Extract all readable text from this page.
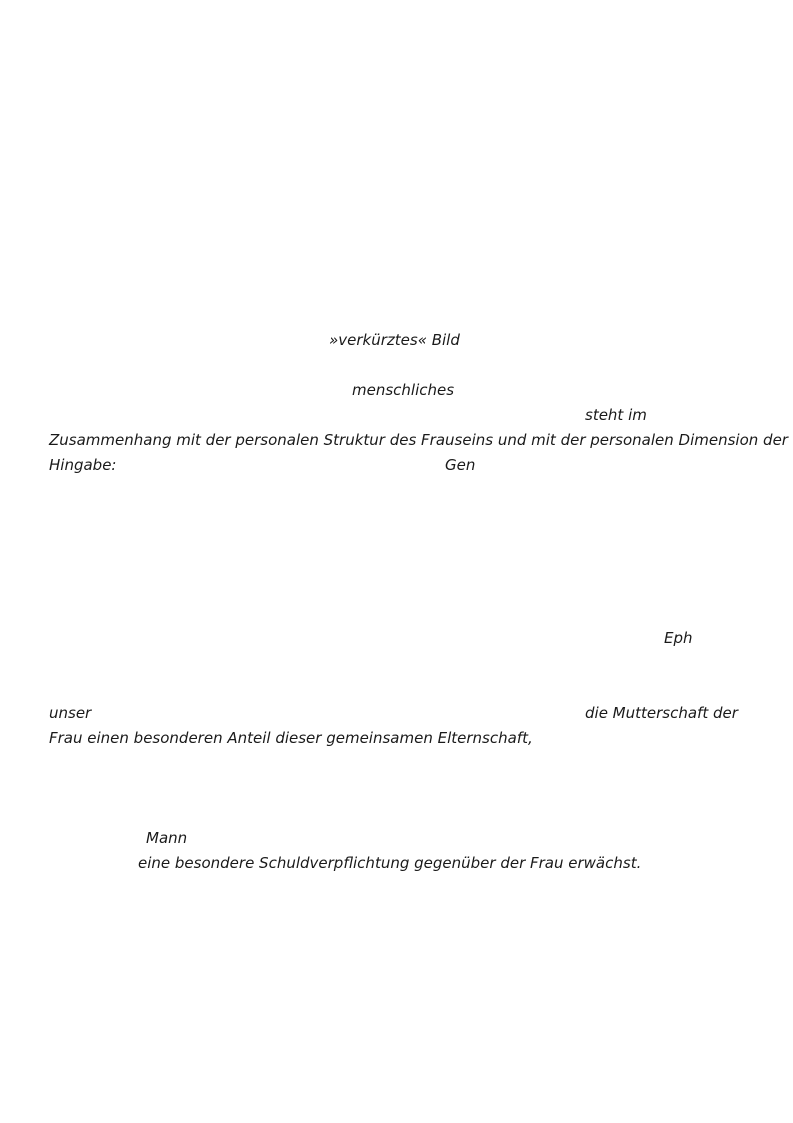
»verkürztes« Bild
menschliches
steht im
Zusammenhang mit der personalen Struktur des Frauseins und mit der personalen Dimension der
Hingabe:	Gen
Eph
unser	die Mutterschaft der
Frau einen besonderen Anteil dieser gemeinsamen Elternschaft,
Mann
eine besondere Schuldverpflichtung gegenüber der Frau erwächst.
